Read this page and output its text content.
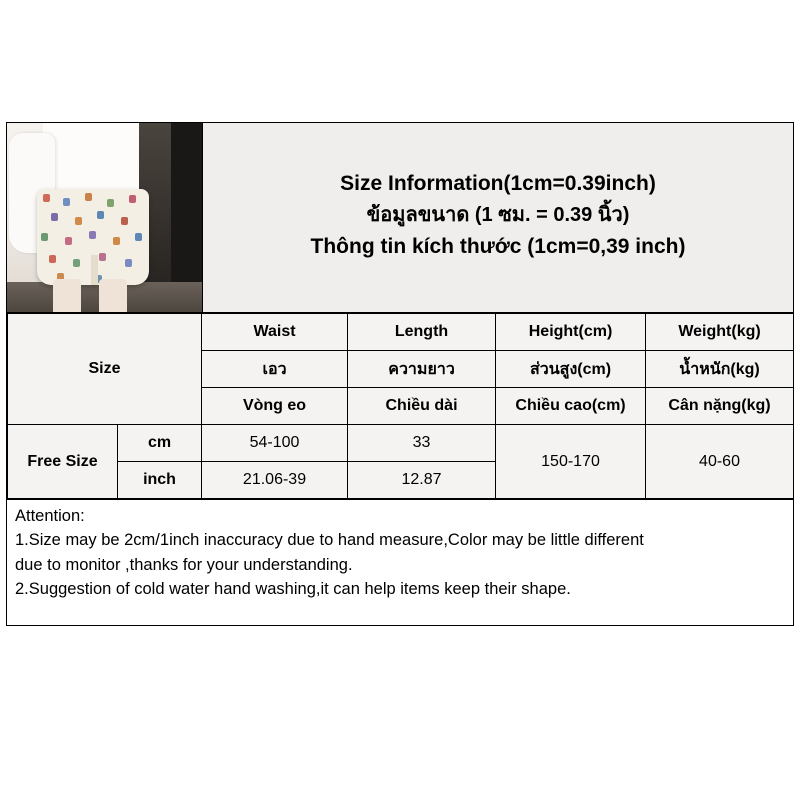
Size Information(1cm=0.39inch)
ข้อมูลขนาด (1 ซม. = 0.39 นิ้ว)
Thông tin kích thước (1cm=0,39 inch)
Size		Waist	Length	Height(cm)	Weight(kg)
		เอว	ความยาว	ส่วนสูง(cm)	น้ำหนัก(kg)
		Vòng eo	Chiều dài	Chiều cao(cm)	Cân nặng(kg)
Free Size	cm	54-100	33	150-170	40-60
	inch	21.06-39	12.87		

Attention:

1.Size may be 2cm/1inch inaccuracy due to hand measure,Color may be little different

due to monitor ,thanks for your understanding.

2.Suggestion of cold water hand washing,it can help items keep their shape.
